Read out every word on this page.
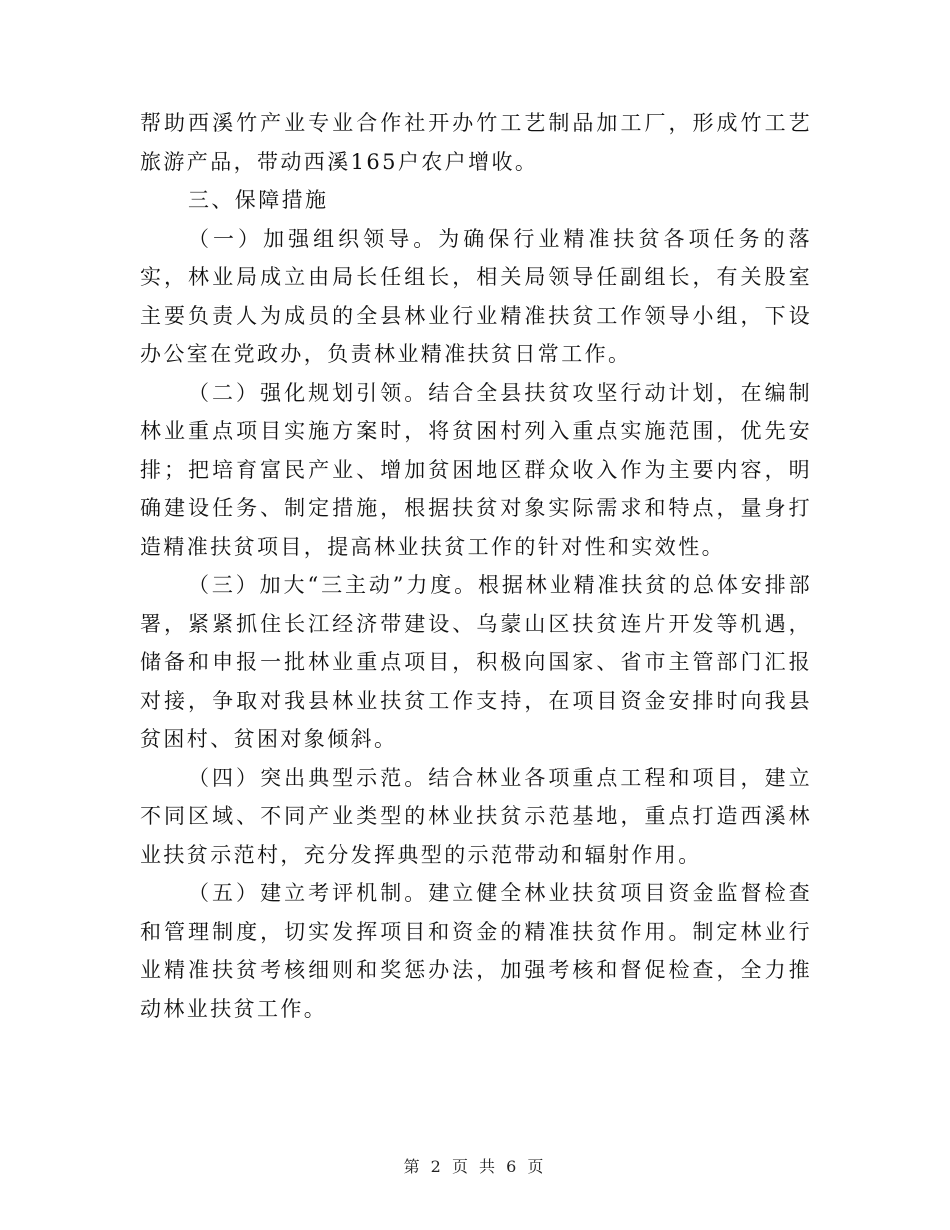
帮助西溪竹产业专业合作社开办竹工艺制品加工厂，形成竹工艺旅游产品，带动西溪165户农户增收。

三、保障措施

（一）加强组织领导。为确保行业精准扶贫各项任务的落实，林业局成立由局长任组长，相关局领导任副组长，有关股室主要负责人为成员的全县林业行业精准扶贫工作领导小组，下设办公室在党政办，负责林业精准扶贫日常工作。

（二）强化规划引领。结合全县扶贫攻坚行动计划，在编制林业重点项目实施方案时，将贫困村列入重点实施范围，优先安排；把培育富民产业、增加贫困地区群众收入作为主要内容，明确建设任务、制定措施，根据扶贫对象实际需求和特点，量身打造精准扶贫项目，提高林业扶贫工作的针对性和实效性。

（三）加大“三主动”力度。根据林业精准扶贫的总体安排部署，紧紧抓住长江经济带建设、乌蒙山区扶贫连片开发等机遇，储备和申报一批林业重点项目，积极向国家、省市主管部门汇报对接，争取对我县林业扶贫工作支持，在项目资金安排时向我县贫困村、贫困对象倾斜。

（四）突出典型示范。结合林业各项重点工程和项目，建立不同区域、不同产业类型的林业扶贫示范基地，重点打造西溪林业扶贫示范村，充分发挥典型的示范带动和辐射作用。

（五）建立考评机制。建立健全林业扶贫项目资金监督检查和管理制度，切实发挥项目和资金的精准扶贫作用。制定林业行业精准扶贫考核细则和奖惩办法，加强考核和督促检查，全力推动林业扶贫工作。

第 2 页 共 6 页
